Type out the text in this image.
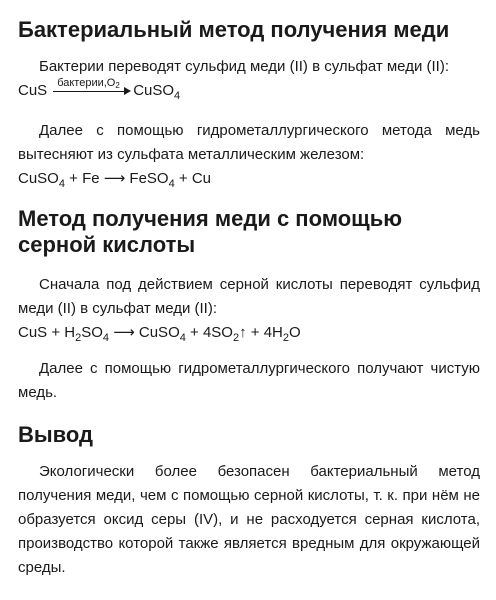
Бактериальный метод получения меди

Бактерии переводят сульфид меди (II) в сульфат меди (II):

CuS $бактерии,O_2$ CuSO$_4$

Далее с помощью гидрометаллургического метода медь вытесняют из сульфата металлическим железом:

CuSO$_4$ + Fe ⟶ FeSO$_4$ + Cu
Метод получения меди с помощью серной кислоты

Сначала под действием серной кислоты переводят сульфид меди (II) в сульфат меди (II):

CuS + $H_2SO_4$ ⟶ CuSO$_4$ + $4SO_2↑ + 4H_2O$

Далее с помощью гидрометаллургического получают чистую медь.

Вывод

Экологически более безопасен бактериальный метод получения меди, чем с помощью серной кислоты, т. к. при нём не образуется оксид серы (IV), и не расходуется серная кислота, производство которой также является вредным для окружающей среды.
